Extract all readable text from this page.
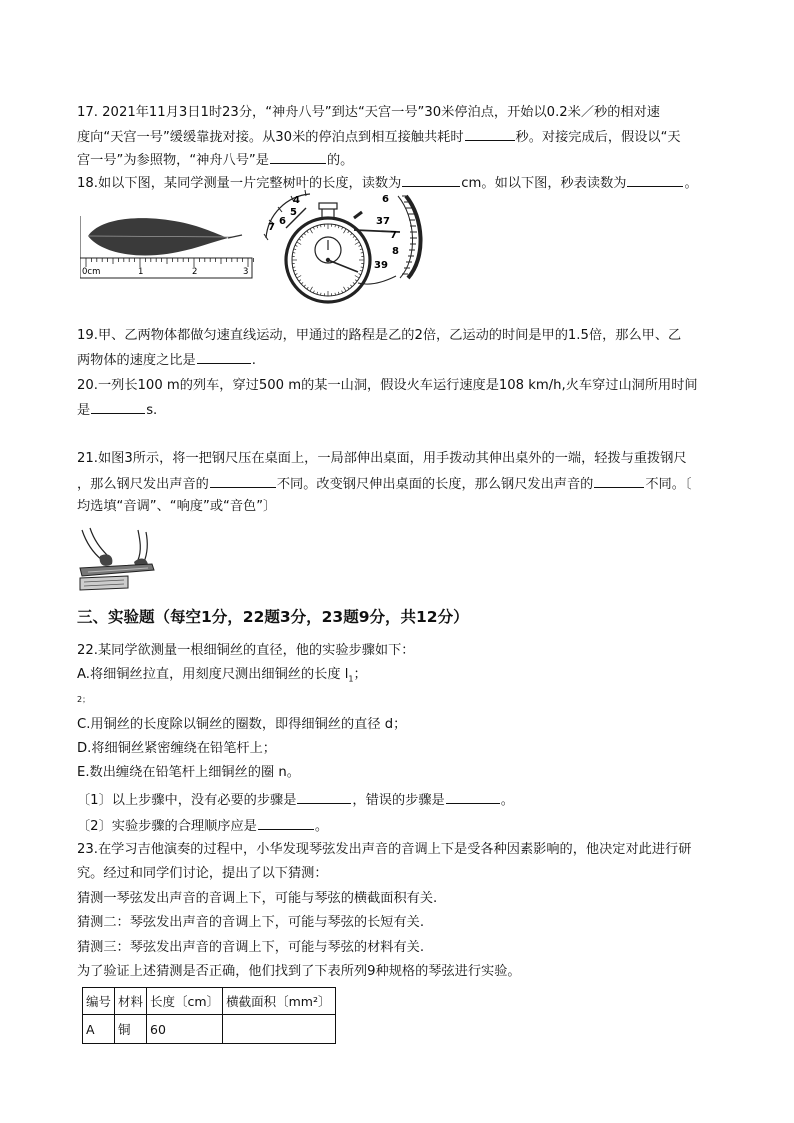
17. 2021年11月3日1时23分，“神舟八号”到达“天宫一号”30米停泊点，开始以0.2米／秒的相对速
度向“天宫一号”缓缓靠拢对接。从30米的停泊点到相互接触共耗时	秒。对接完成后，假设以“天
宫一号”为参照物，“神舟八号”是	的。
18.如以下图，某同学测量一片完整树叶的长度，读数为	cm。如以下图，秒表读数为	。
0cm	1	2	3
4
5
6
7
6
37
7
8
39
19.甲、乙两物体都做匀速直线运动，甲通过的路程是乙的2倍，乙运动的时间是甲的1.5倍，那么甲、乙
两物体的速度之比是	.
20.一列长100 m的列车，穿过500 m的某一山洞，假设火车运行速度是108 km/h,火车穿过山洞所用时间
是	s.
21.如图3所示，将一把钢尺压在桌面上，一局部伸出桌面，用手拨动其伸出桌外的一端，轻拨与重拨钢尺
，那么钢尺发出声音的	不同。改变钢尺伸出桌面的长度，那么钢尺发出声音的	不同。〔
均选填“音调”、“响度”或“音色”〕
三、实验题（每空1分，22题3分，23题9分，共12分）
22.某同学欲测量一根细铜丝的直径，他的实验步骤如下：
A.将细铜丝拉直，用刻度尺测出细铜丝的长度 $l_1$；
2；
C.用铜丝的长度除以铜丝的圈数，即得细铜丝的直径 d；
D.将细铜丝紧密缠绕在铅笔杆上；
E.数出缠绕在铅笔杆上细铜丝的圈 n。
〔1〕以上步骤中，没有必要的步骤是	，错误的步骤是	。
〔2〕实验步骤的合理顺序应是	。
23.在学习吉他演奏的过程中，小华发现琴弦发出声音的音调上下是受各种因素影响的，他决定对此进行研
究。经过和同学们讨论，提出了以下猜测：
猜测一琴弦发出声音的音调上下，可能与琴弦的横截面积有关.
猜测二：琴弦发出声音的音调上下，可能与琴弦的长短有关.
猜测三：琴弦发出声音的音调上下，可能与琴弦的材料有关.
为了验证上述猜测是否正确，他们找到了下表所列9种规格的琴弦进行实验。
编号	材料	长度〔cm〕	横截面积〔mm²〕
A	铜	60	
